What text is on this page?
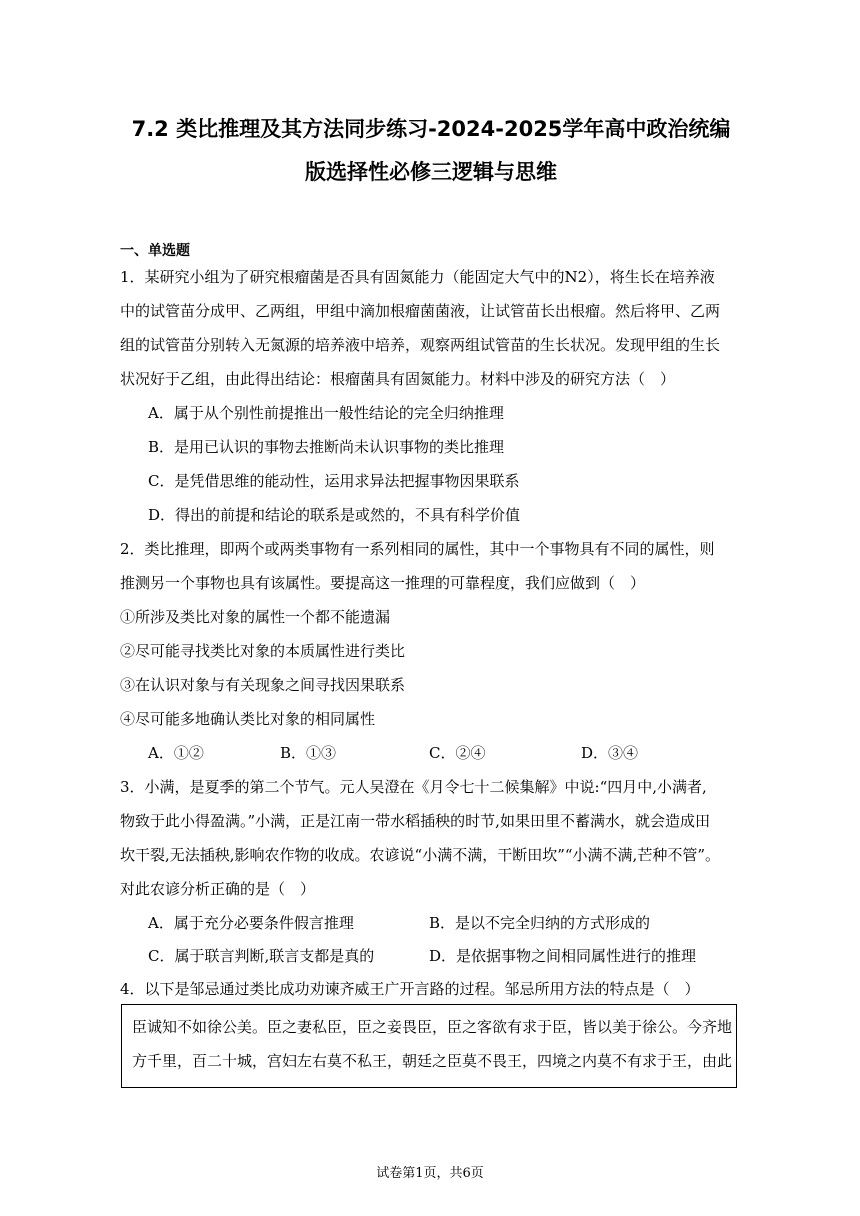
7.2 类比推理及其方法同步练习-2024-2025学年高中政治统编
版选择性必修三逻辑与思维
一、单选题
1．某研究小组为了研究根瘤菌是否具有固氮能力（能固定大气中的N2），将生长在培养液
中的试管苗分成甲、乙两组，甲组中滴加根瘤菌菌液，让试管苗长出根瘤。然后将甲、乙两
组的试管苗分别转入无氮源的培养液中培养，观察两组试管苗的生长状况。发现甲组的生长
状况好于乙组，由此得出结论：根瘤菌具有固氮能力。材料中涉及的研究方法（　）
A．属于从个别性前提推出一般性结论的完全归纳推理
B．是用已认识的事物去推断尚未认识事物的类比推理
C．是凭借思维的能动性，运用求异法把握事物因果联系
D．得出的前提和结论的联系是或然的，不具有科学价值
2．类比推理，即两个或两类事物有一系列相同的属性，其中一个事物具有不同的属性，则
推测另一个事物也具有该属性。要提高这一推理的可靠程度，我们应做到（　）
①所涉及类比对象的属性一个都不能遗漏
②尽可能寻找类比对象的本质属性进行类比
③在认识对象与有关现象之间寻找因果联系
④尽可能多地确认类比对象的相同属性
A．①②	B．①③	C．②④	D．③④
3．小满，是夏季的第二个节气。元人吴澄在《月令七十二候集解》中说:“四月中,小满者,
物致于此小得盈满。”小满，正是江南一带水稻插秧的时节,如果田里不蓄满水，就会造成田
坎干裂,无法插秧,影响农作物的收成。农谚说“小满不满，干断田坎”“小满不满,芒种不管”。
对此农谚分析正确的是（　）
A．属于充分必要条件假言推理	B．是以不完全归纳的方式形成的
C．属于联言判断,联言支都是真的	D．是依据事物之间相同属性进行的推理
4．以下是邹忌通过类比成功劝谏齐威王广开言路的过程。邹忌所用方法的特点是（　）
臣诚知不如徐公美。臣之妻私臣，臣之妾畏臣，臣之客欲有求于臣，皆以美于徐公。今齐地
方千里，百二十城，宫妇左右莫不私王，朝廷之臣莫不畏王，四境之内莫不有求于王，由此
试卷第1页，共6页
